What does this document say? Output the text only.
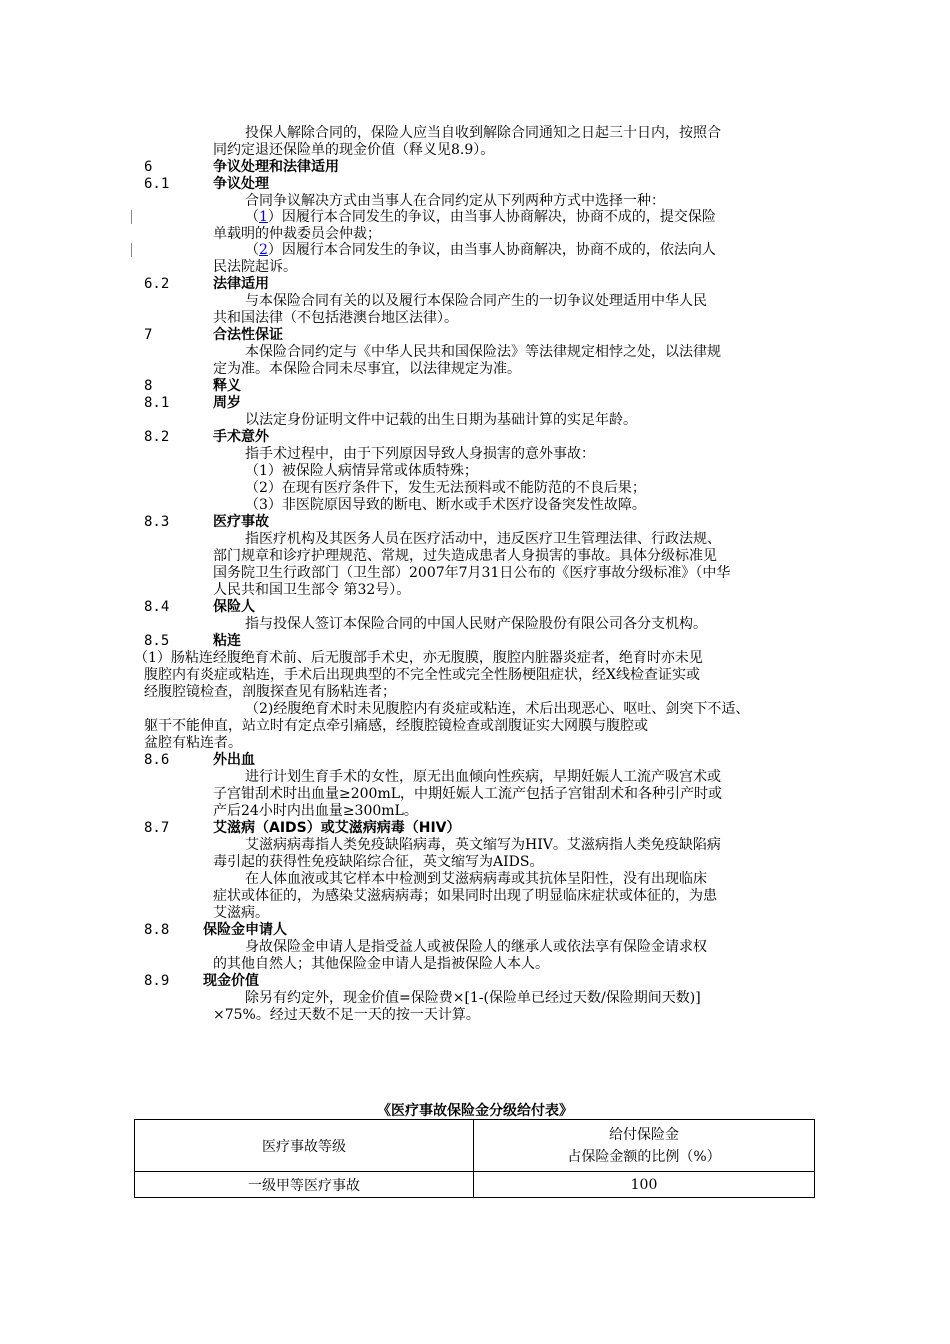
投保人解除合同的，保险人应当自收到解除合同通知之日起三十日内，按照合
同约定退还保险单的现金价值（释义见8.9）。
6	争议处理和法律适用
6.1	争议处理
合同争议解决方式由当事人在合同约定从下列两种方式中选择一种：
（1）因履行本合同发生的争议，由当事人协商解决，协商不成的，提交保险
单载明的仲裁委员会仲裁；
（2）因履行本合同发生的争议，由当事人协商解决，协商不成的，依法向人
民法院起诉。
6.2	法律适用
与本保险合同有关的以及履行本保险合同产生的一切争议处理适用中华人民
共和国法律（不包括港澳台地区法律）。
7	合法性保证
本保险合同约定与《中华人民共和国保险法》等法律规定相悖之处，以法律规
定为准。本保险合同未尽事宜，以法律规定为准。
8	释义
8.1	周岁
以法定身份证明文件中记载的出生日期为基础计算的实足年龄。
8.2	手术意外
指手术过程中，由于下列原因导致人身损害的意外事故：
（1）被保险人病情异常或体质特殊；
（2）在现有医疗条件下，发生无法预料或不能防范的不良后果；
（3）非医院原因导致的断电、断水或手术医疗设备突发性故障。
8.3	医疗事故
指医疗机构及其医务人员在医疗活动中，违反医疗卫生管理法律、行政法规、
部门规章和诊疗护理规范、常规，过失造成患者人身损害的事故。具体分级标准见
国务院卫生行政部门（卫生部）2007年7月31日公布的《医疗事故分级标准》（中华
人民共和国卫生部令 第32号）。
8.4	保险人
指与投保人签订本保险合同的中国人民财产保险股份有限公司各分支机构。
8.5	粘连
（1）肠粘连经腹绝育术前、后无腹部手术史，亦无腹膜，腹腔内脏器炎症者，绝育时亦未见
腹腔内有炎症或粘连，手术后出现典型的不完全性或完全性肠梗阻症状，经X线检查证实或
经腹腔镜检查，剖腹探查见有肠粘连者；
（2)经腹绝育术时未见腹腔内有炎症或粘连，术后出现恶心、呕吐、剑突下不适、
躯干不能伸直，站立时有定点牵引痛感，经腹腔镜检查或剖腹证实大网膜与腹腔或
盆腔有粘连者。
8.6	外出血
进行计划生育手术的女性，原无出血倾向性疾病，早期妊娠人工流产吸宫术或
子宫钳刮术时出血量≥200mL，中期妊娠人工流产包括子宫钳刮术和各种引产时或
产后24小时内出血量≥300mL。
8.7	艾滋病（AIDS）或艾滋病病毒（HIV）
艾滋病病毒指人类免疫缺陷病毒，英文缩写为HIV。艾滋病指人类免疫缺陷病
毒引起的获得性免疫缺陷综合征，英文缩写为AIDS。
在人体血液或其它样本中检测到艾滋病病毒或其抗体呈阳性，没有出现临床
症状或体征的，为感染艾滋病病毒；如果同时出现了明显临床症状或体征的，为患
艾滋病。
8.8 保险金申请人
身故保险金申请人是指受益人或被保险人的继承人或依法享有保险金请求权
的其他自然人；其他保险金申请人是指被保险人本人。
8.9 现金价值
除另有约定外，现金价值=保险费×[1-(保险单已经过天数/保险期间天数)]
×75%。经过天数不足一天的按一天计算。
《医疗事故保险金分级给付表》
医疗事故等级	给付保险金
占保险金额的比例（%）

一级甲等医疗事故	100
